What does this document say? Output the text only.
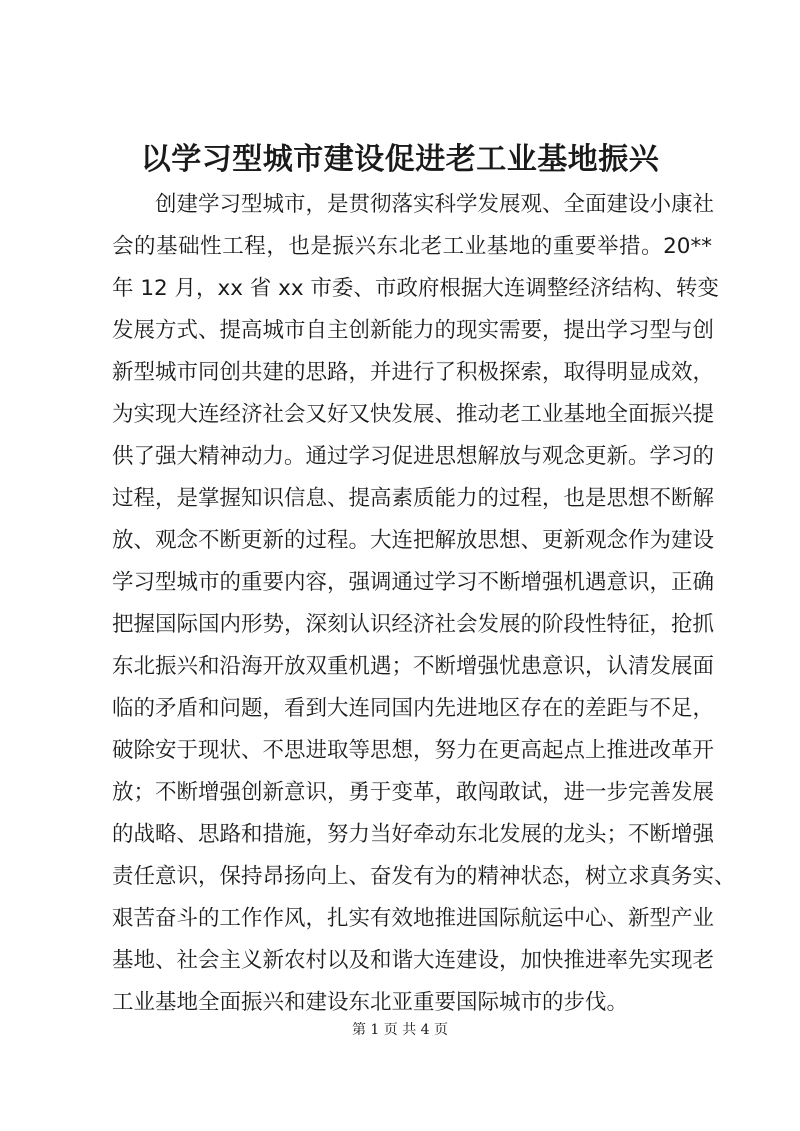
以学习型城市建设促进老工业基地振兴
创建学习型城市，是贯彻落实科学发展观、全面建设小康社
会的基础性工程，也是振兴东北老工业基地的重要举措。20**
年 12 月，xx 省 xx 市委、市政府根据大连调整经济结构、转变
发展方式、提高城市自主创新能力的现实需要，提出学习型与创
新型城市同创共建的思路，并进行了积极探索，取得明显成效，
为实现大连经济社会又好又快发展、推动老工业基地全面振兴提
供了强大精神动力。通过学习促进思想解放与观念更新。学习的
过程，是掌握知识信息、提高素质能力的过程，也是思想不断解
放、观念不断更新的过程。大连把解放思想、更新观念作为建设
学习型城市的重要内容，强调通过学习不断增强机遇意识，正确
把握国际国内形势，深刻认识经济社会发展的阶段性特征，抢抓
东北振兴和沿海开放双重机遇；不断增强忧患意识，认清发展面
临的矛盾和问题，看到大连同国内先进地区存在的差距与不足，
破除安于现状、不思进取等思想，努力在更高起点上推进改革开
放；不断增强创新意识，勇于变革，敢闯敢试，进一步完善发展
的战略、思路和措施，努力当好牵动东北发展的龙头；不断增强
责任意识，保持昂扬向上、奋发有为的精神状态，树立求真务实、
艰苦奋斗的工作作风，扎实有效地推进国际航运中心、新型产业
基地、社会主义新农村以及和谐大连建设，加快推进率先实现老
工业基地全面振兴和建设东北亚重要国际城市的步伐。
第 1 页 共 4 页
